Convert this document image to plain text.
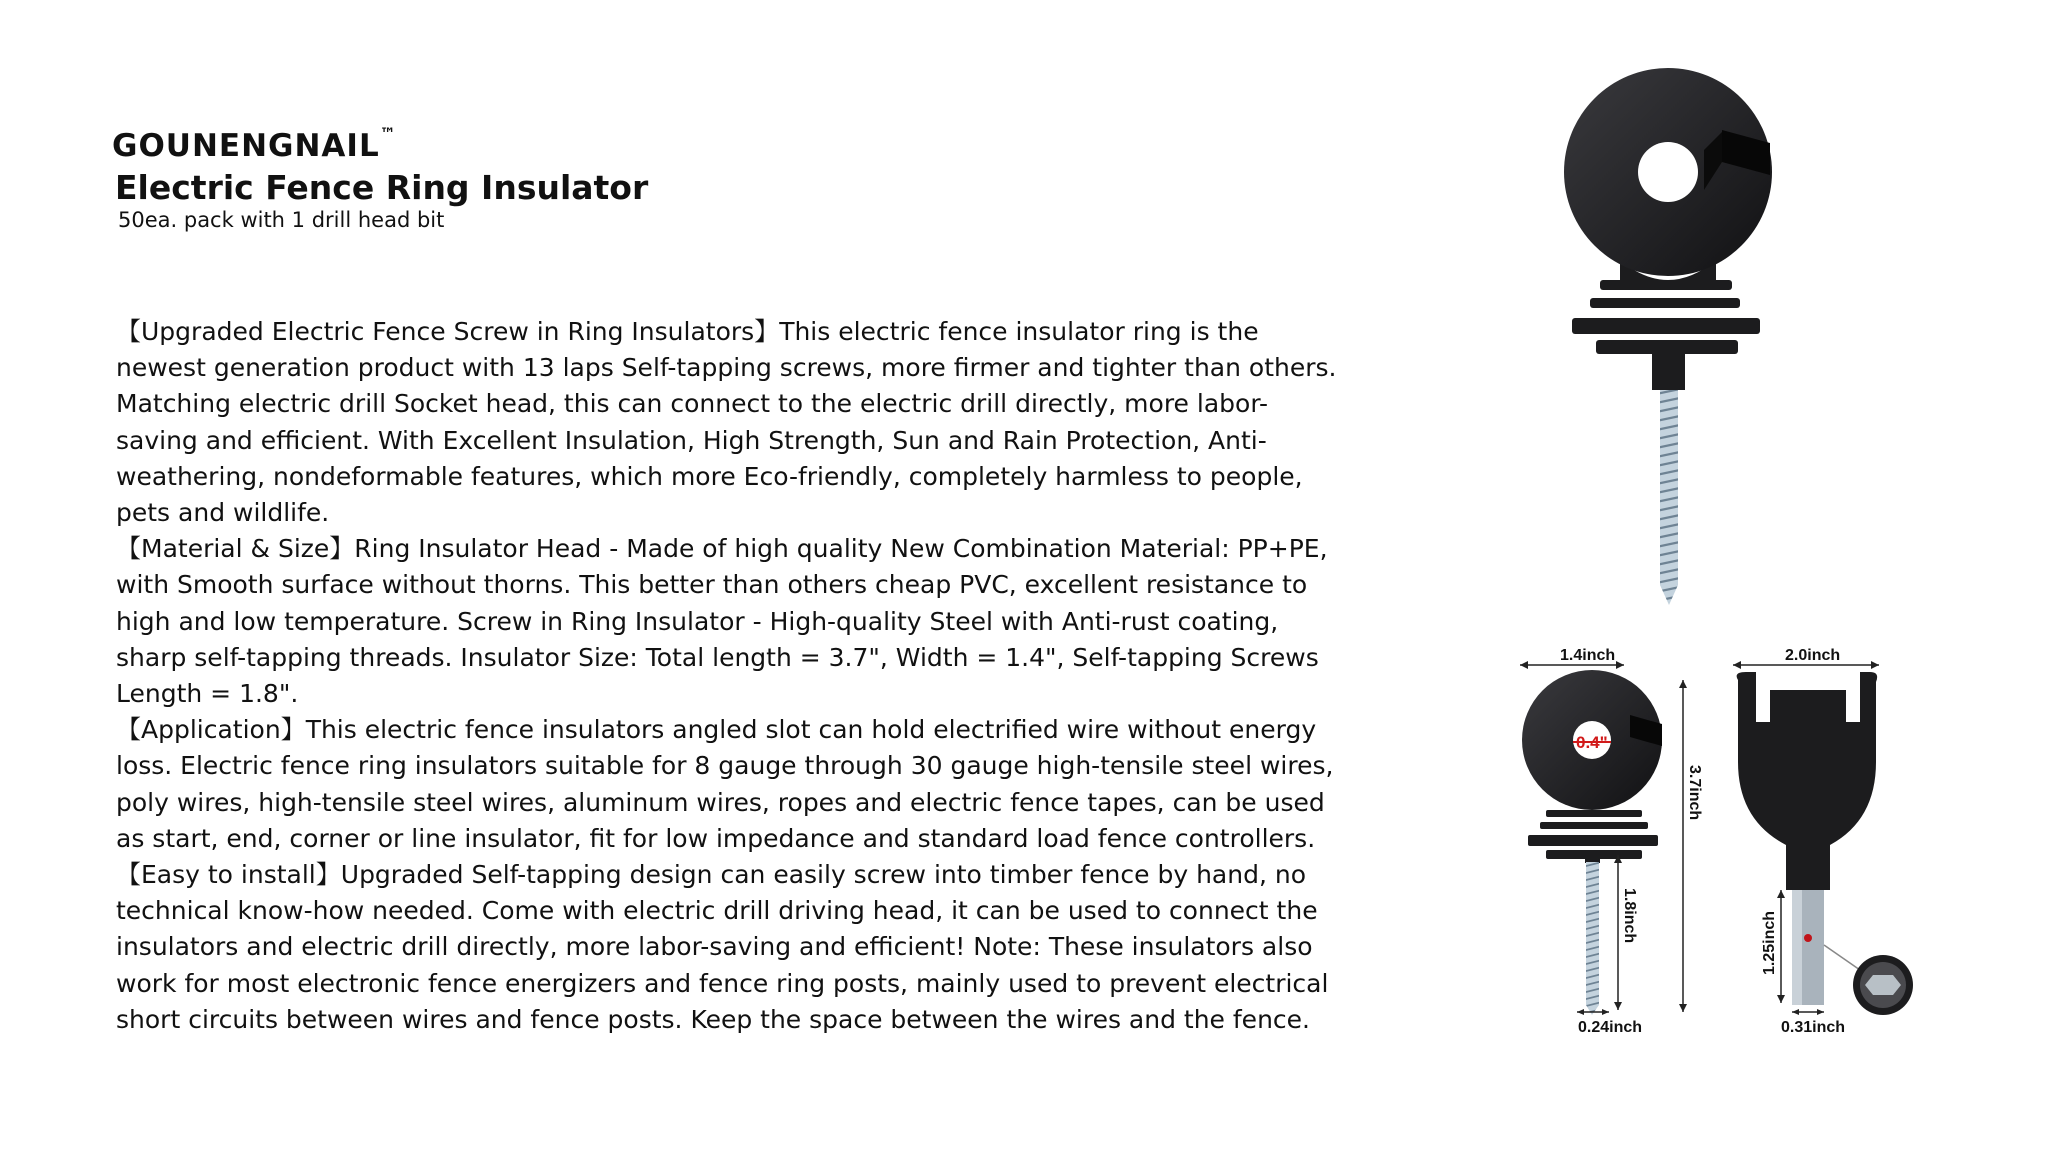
GOUNENGNAIL™
Electric Fence Ring Insulator
50ea. pack with 1 drill head bit

【Upgraded Electric Fence Screw in Ring Insulators】This electric fence insulator ring is the newest generation product with 13 laps Self-tapping screws, more firmer and tighter than others. Matching electric drill Socket head, this can connect to the electric drill directly, more labor-saving and efficient. With Excellent Insulation, High Strength, Sun and Rain Protection, Anti-weathering, nondeformable features, which more Eco-friendly, completely harmless to people, pets and wildlife.

【Material & Size】Ring Insulator Head - Made of high quality New Combination Material: PP+PE, with Smooth surface without thorns. This better than others cheap PVC, excellent resistance to high and low temperature. Screw in Ring Insulator - High-quality Steel with Anti-rust coating, sharp self-tapping threads. Insulator Size: Total length = 3.7", Width = 1.4", Self-tapping Screws Length = 1.8".

【Application】This electric fence insulators angled slot can hold electrified wire without energy loss. Electric fence ring insulators suitable for 8 gauge through 30 gauge high-tensile steel wires, poly wires, high-tensile steel wires, aluminum wires, ropes and electric fence tapes, can be used as start, end, corner or line insulator, fit for low impedance and standard load fence controllers.

【Easy to install】Upgraded Self-tapping design can easily screw into timber fence by hand, no technical know-how needed. Come with electric drill driving head, it can be used to connect the insulators and electric drill directly, more labor-saving and efficient! Note: These insulators also work for most electronic fence energizers and fence ring posts, mainly used to prevent electrical short circuits between wires and fence posts. Keep the space between the wires and the fence.

1.4inch
0.4"
1.8inch
0.24inch
3.7inch
2.0inch
1.25inch
0.31inch
